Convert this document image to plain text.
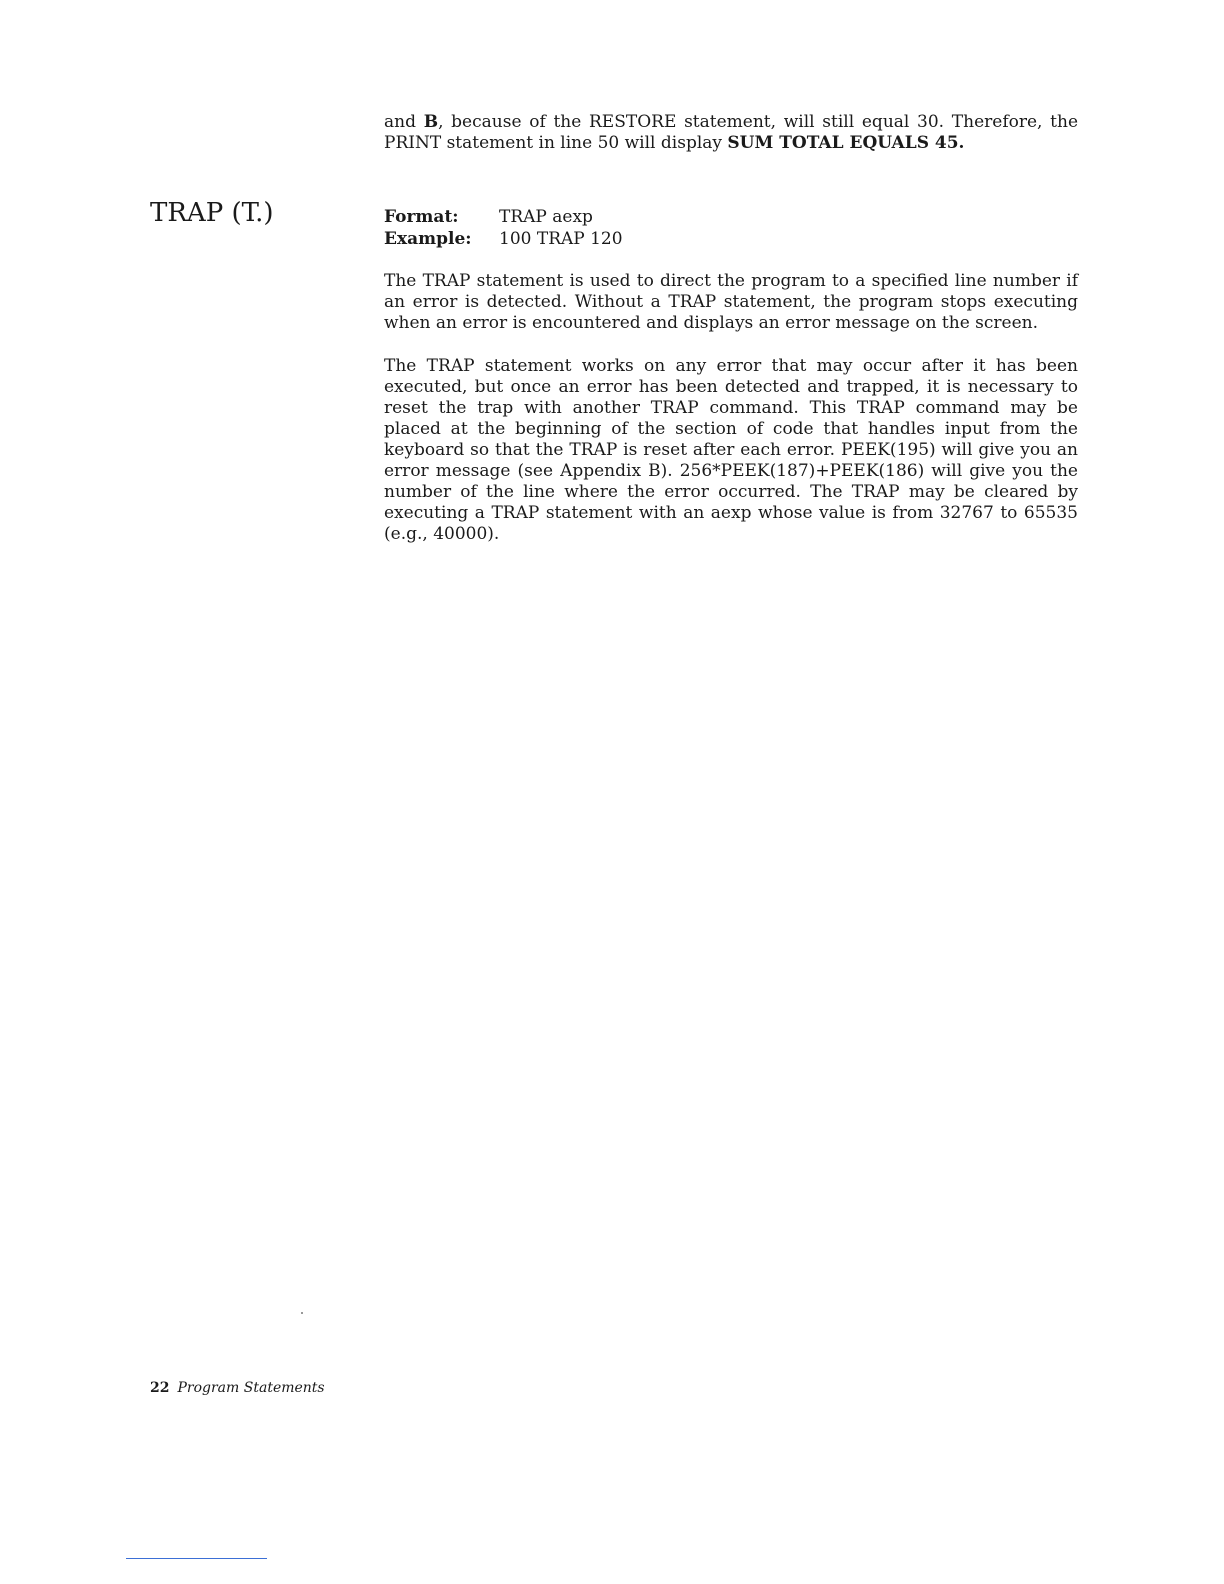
and B, because of the RESTORE statement, will still equal 30. Therefore, the PRINT statement in line 50 will display SUM TOTAL EQUALS 45.

TRAP (T.)	Format:	TRAP aexp
Example:	100 TRAP 120

The TRAP statement is used to direct the program to a specified line number if an error is detected. Without a TRAP statement, the program stops executing when an error is encountered and displays an error message on the screen.

The TRAP statement works on any error that may occur after it has been executed, but once an error has been detected and trapped, it is necessary to reset the trap with another TRAP command. This TRAP command may be placed at the beginning of the section of code that handles input from the keyboard so that the TRAP is reset after each error. PEEK(195) will give you an error message (see Appendix B). 256*PEEK(187)+PEEK(186) will give you the number of the line where the error occurred. The TRAP may be cleared by executing a TRAP statement with an aexp whose value is from 32767 to 65535 (e.g., 40000).

22 Program Statements
